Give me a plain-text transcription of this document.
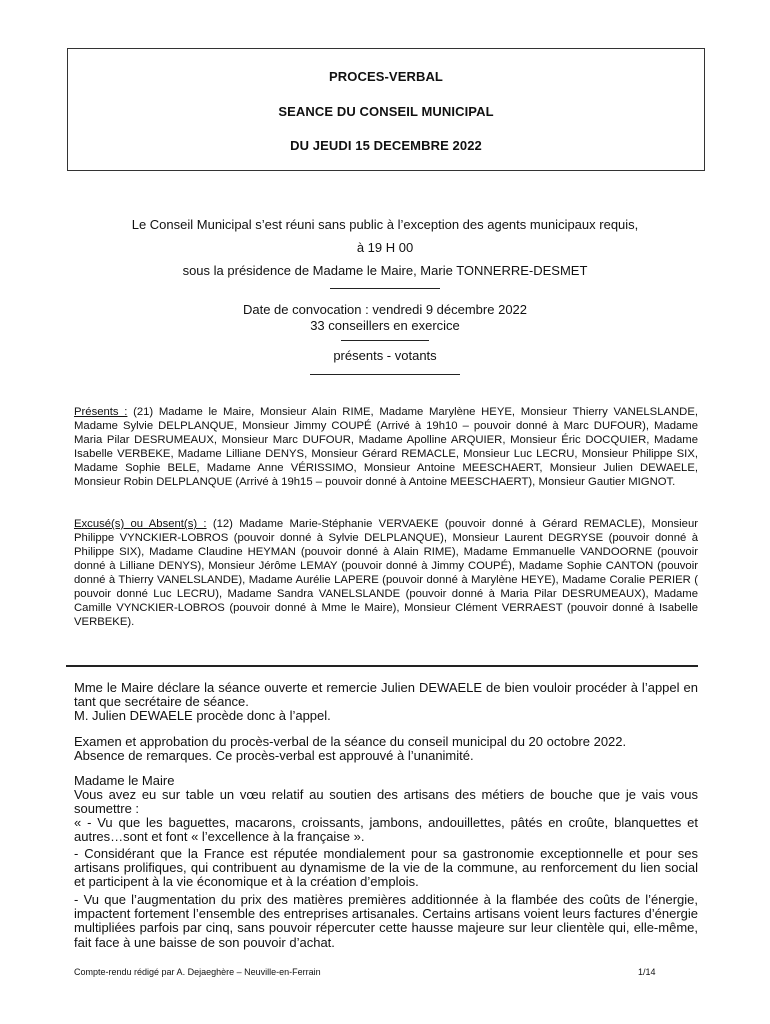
PROCES-VERBAL
SEANCE DU CONSEIL MUNICIPAL
DU JEUDI 15 DECEMBRE 2022
Le Conseil Municipal s’est réuni sans public à l’exception des agents municipaux requis,
à 19 H 00
sous la présidence de Madame le Maire, Marie TONNERRE-DESMET
Date de convocation : vendredi 9 décembre 2022
33 conseillers en exercice
présents - votants
Présents : (21) Madame le Maire, Monsieur Alain RIME, Madame Marylène HEYE, Monsieur Thierry VANELSLANDE, Madame Sylvie DELPLANQUE, Monsieur Jimmy COUPÉ (Arrivé à 19h10 – pouvoir donné à Marc DUFOUR), Madame Maria Pilar DESRUMEAUX, Monsieur Marc DUFOUR, Madame Apolline ARQUIER, Monsieur Éric DOCQUIER, Madame Isabelle VERBEKE, Madame Lilliane DENYS, Monsieur Gérard REMACLE, Monsieur Luc LECRU, Monsieur Philippe SIX, Madame Sophie BELE, Madame Anne VÉRISSIMO, Monsieur Antoine MEESCHAERT, Monsieur Julien DEWAELE, Monsieur Robin DELPLANQUE (Arrivé à 19h15 – pouvoir donné à Antoine MEESCHAERT), Monsieur Gautier MIGNOT.
Excusé(s) ou Absent(s) : (12) Madame Marie-Stéphanie VERVAEKE (pouvoir donné à Gérard REMACLE), Monsieur Philippe VYNCKIER-LOBROS (pouvoir donné à Sylvie DELPLANQUE), Monsieur Laurent DEGRYSE (pouvoir donné à Philippe SIX), Madame Claudine HEYMAN (pouvoir donné à Alain RIME), Madame Emmanuelle VANDOORNE (pouvoir donné à Lilliane DENYS), Monsieur Jérôme LEMAY (pouvoir donné à Jimmy COUPÉ), Madame Sophie CANTON (pouvoir donné à Thierry VANELSLANDE), Madame Aurélie LAPERE (pouvoir donné à Marylène HEYE), Madame Coralie PERIER ( pouvoir donné Luc LECRU), Madame Sandra VANELSLANDE (pouvoir donné à Maria Pilar DESRUMEAUX), Madame Camille VYNCKIER-LOBROS (pouvoir donné à Mme le Maire), Monsieur Clément VERRAEST (pouvoir donné à Isabelle VERBEKE).
Mme le Maire déclare la séance ouverte et remercie Julien DEWAELE de bien vouloir procéder à l’appel en tant que secrétaire de séance.
M. Julien DEWAELE procède donc à l’appel.
Examen et approbation du procès-verbal de la séance du conseil municipal du 20 octobre 2022.
Absence de remarques. Ce procès-verbal est approuvé à l’unanimité.
Madame le Maire
Vous avez eu sur table un vœu relatif au soutien des artisans des métiers de bouche que je vais vous soumettre :
« - Vu que les baguettes, macarons, croissants, jambons, andouillettes, pâtés en croûte, blanquettes et autres…sont et font « l’excellence à la française ».
- Considérant que la France est réputée mondialement pour sa gastronomie exceptionnelle et pour ses artisans prolifiques, qui contribuent au dynamisme de la vie de la commune, au renforcement du lien social et participent à la vie économique et à la création d’emplois.
- Vu que l’augmentation du prix des matières premières additionnée à la flambée des coûts de l’énergie, impactent fortement l’ensemble des entreprises artisanales. Certains artisans voient leurs factures d’énergie multipliées parfois par cinq, sans pouvoir répercuter cette hausse majeure sur leur clientèle qui, elle-même, fait face à une baisse de son pouvoir d’achat.
Compte-rendu rédigé par A. Dejaeghère – Neuville-en-Ferrain	1/14
